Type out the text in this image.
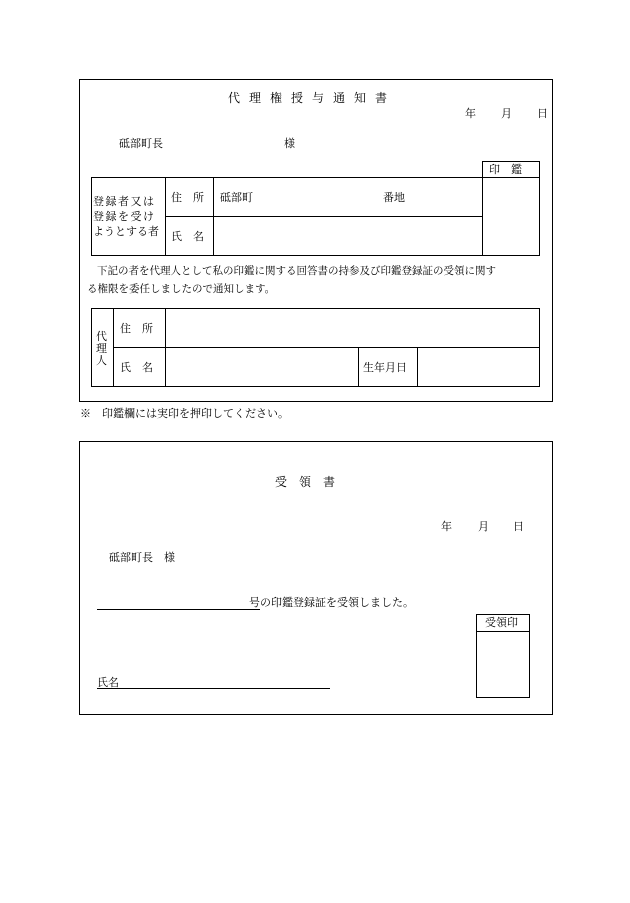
代理権授与通知書
年 月 日
砥部町長	様
印　鑑
登録者又は
登録を受け
ようとする者
住　所 砥部町	番地
氏　名
下記の者を代理人として私の印鑑に関する回答書の持参及び印鑑登録証の受領に関す
る権限を委任しましたので通知します。
代
理
人
住　所
氏　名	生年月日
※　印鑑欄には実印を押印してください。
受　領　書
年 月 日
砥部町長　様
号の印鑑登録証を受領しました。
受領印
氏名
